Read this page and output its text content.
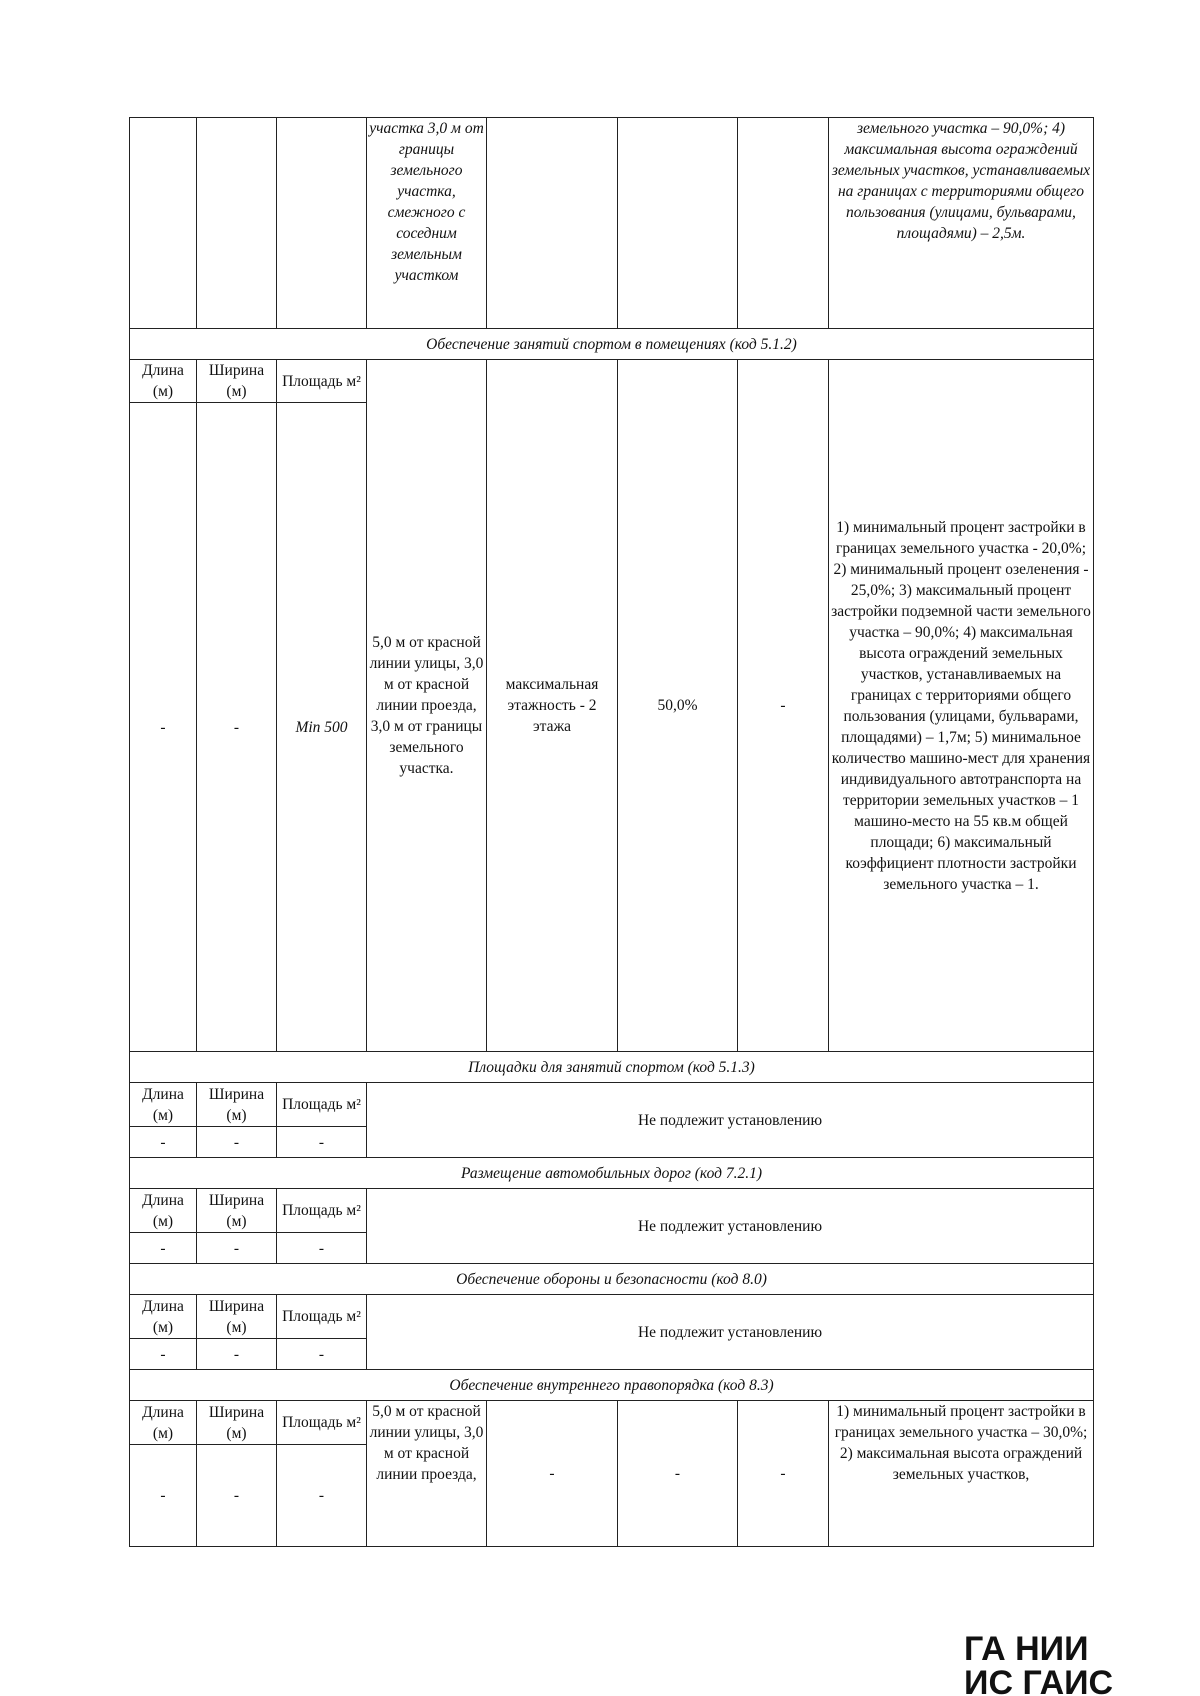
			участка 3,0 м от границы земельного участка, смежного с соседним земельным участком				земельного участка – 90,0%; 4) максимальная высота ограждений земельных участков, устанавливаемых на границах с территориями общего пользования (улицами, бульварами, площадями) – 2,5м.
Обеспечение занятий спортом в помещениях (код 5.1.2)							
Длина (м)	Ширина (м)	Площадь м²	5,0 м от красной линии улицы, 3,0 м от красной линии проезда, 3,0 м от границы земельного участка.	максимальная этажность - 2 этажа	50,0%	-	1) минимальный процент застройки в границах земельного участка - 20,0%; 2) минимальный процент озеленения - 25,0%; 3) максимальный процент застройки подземной части земельного участка – 90,0%; 4) максимальная высота ограждений земельных участков, устанавливаемых на границах с территориями общего пользования (улицами, бульварами, площадями) – 1,7м; 5) минимальное количество машино-мест для хранения индивидуального автотранспорта на территории земельных участков – 1 машино-место на 55 кв.м общей площади; 6) максимальный коэффициент плотности застройки земельного участка – 1.
-	-	Min 500					
Площадки для занятий спортом (код 5.1.3)							
Длина (м)	Ширина (м)	Площадь м²	Не подлежит установлению				
-	-	-					
Размещение автомобильных дорог (код 7.2.1)							
Длина (м)	Ширина (м)	Площадь м²	Не подлежит установлению				
-	-	-					
Обеспечение обороны и безопасности (код 8.0)							
Длина (м)	Ширина (м)	Площадь м²	Не подлежит установлению				
-	-	-					
Обеспечение внутреннего правопорядка (код 8.3)							
Длина (м)	Ширина (м)	Площадь м²	5,0 м от красной линии улицы, 3,0 м от красной линии проезда,	-	-	-	1) минимальный процент застройки в границах земельного участка – 30,0%; 2) максимальная высота ограждений земельных участков,
-	-	-					
ГА НИИ
ИС ГАИС
